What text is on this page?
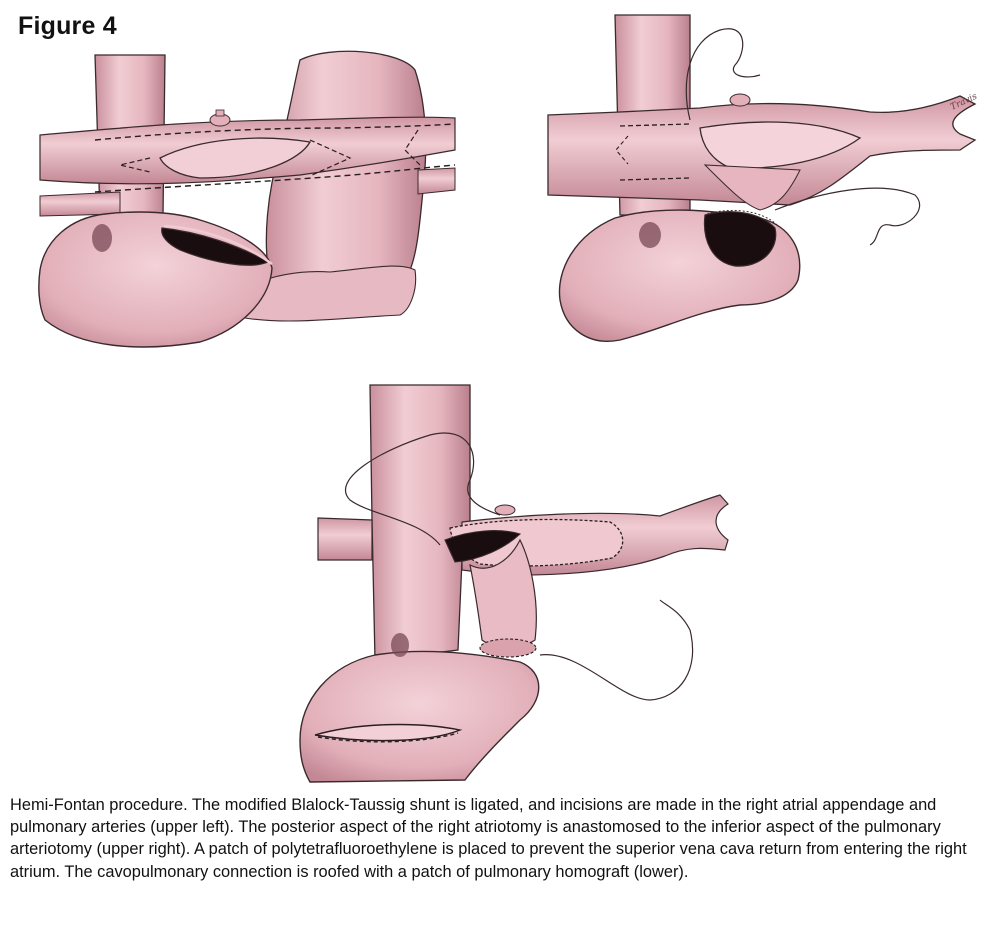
Figure 4
Travis
Hemi-Fontan procedure. The modified Blalock-Taussig shunt is ligated, and incisions are made in the right atrial appendage and pulmonary arteries (upper left). The posterior aspect of the right atriotomy is anastomosed to the inferior aspect of the pulmonary arteriotomy (upper right). A patch of polytetrafluoroethylene is placed to prevent the superior vena cava return from entering the right atrium. The cavopulmonary connection is roofed with a patch of pulmonary homograft (lower).
